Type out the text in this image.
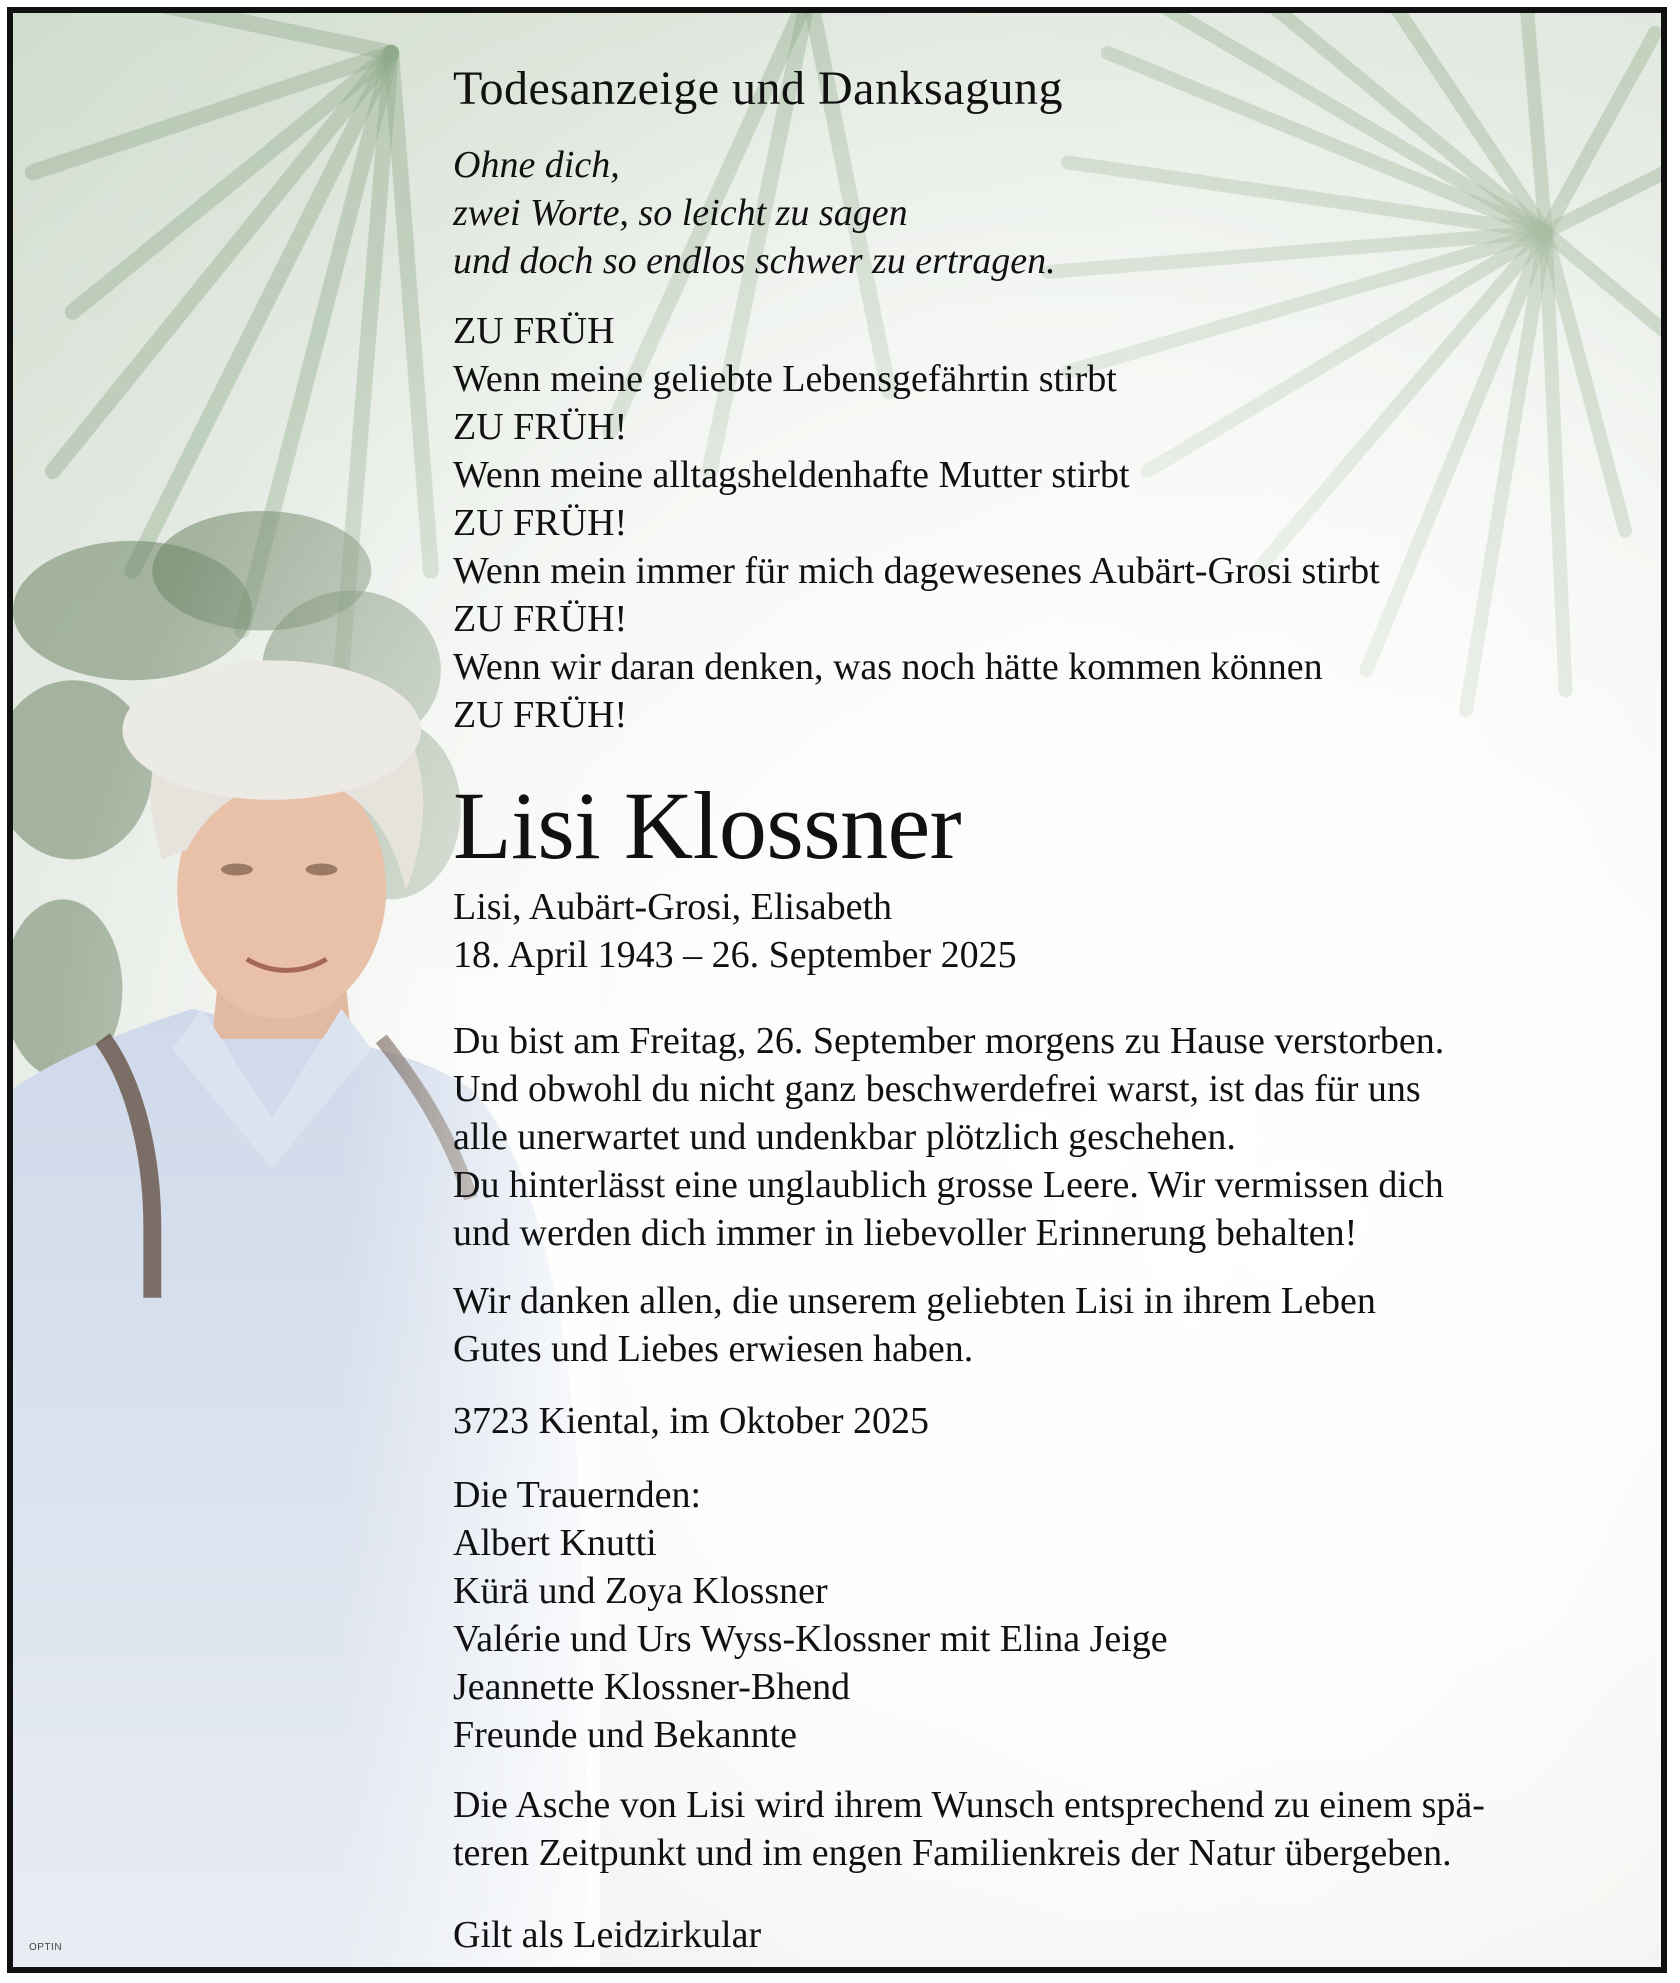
Todesanzeige und Danksagung
Ohne dich,
zwei Worte, so leicht zu sagen
und doch so endlos schwer zu ertragen.
ZU FRÜH
Wenn meine geliebte Lebensgefährtin stirbt
ZU FRÜH!
Wenn meine alltagsheldenhafte Mutter stirbt
ZU FRÜH!
Wenn mein immer für mich dagewesenes Aubärt-Grosi stirbt
ZU FRÜH!
Wenn wir daran denken, was noch hätte kommen können
ZU FRÜH!
Lisi Klossner
Lisi, Aubärt-Grosi, Elisabeth
18. April 1943 – 26. September 2025
Du bist am Freitag, 26. September morgens zu Hause verstorben.
Und obwohl du nicht ganz beschwerdefrei warst, ist das für uns
alle unerwartet und undenkbar plötzlich geschehen.
Du hinterlässt eine unglaublich grosse Leere. Wir vermissen dich
und werden dich immer in liebevoller Erinnerung behalten!
Wir danken allen, die unserem geliebten Lisi in ihrem Leben
Gutes und Liebes erwiesen haben.
3723 Kiental, im Oktober 2025
Die Trauernden:
Albert Knutti
Kürä und Zoya Klossner
Valérie und Urs Wyss-Klossner mit Elina Jeige
Jeannette Klossner-Bhend
Freunde und Bekannte
Die Asche von Lisi wird ihrem Wunsch entsprechend zu einem spä-
teren Zeitpunkt und im engen Familienkreis der Natur übergeben.
Gilt als Leidzirkular
OPTIN
